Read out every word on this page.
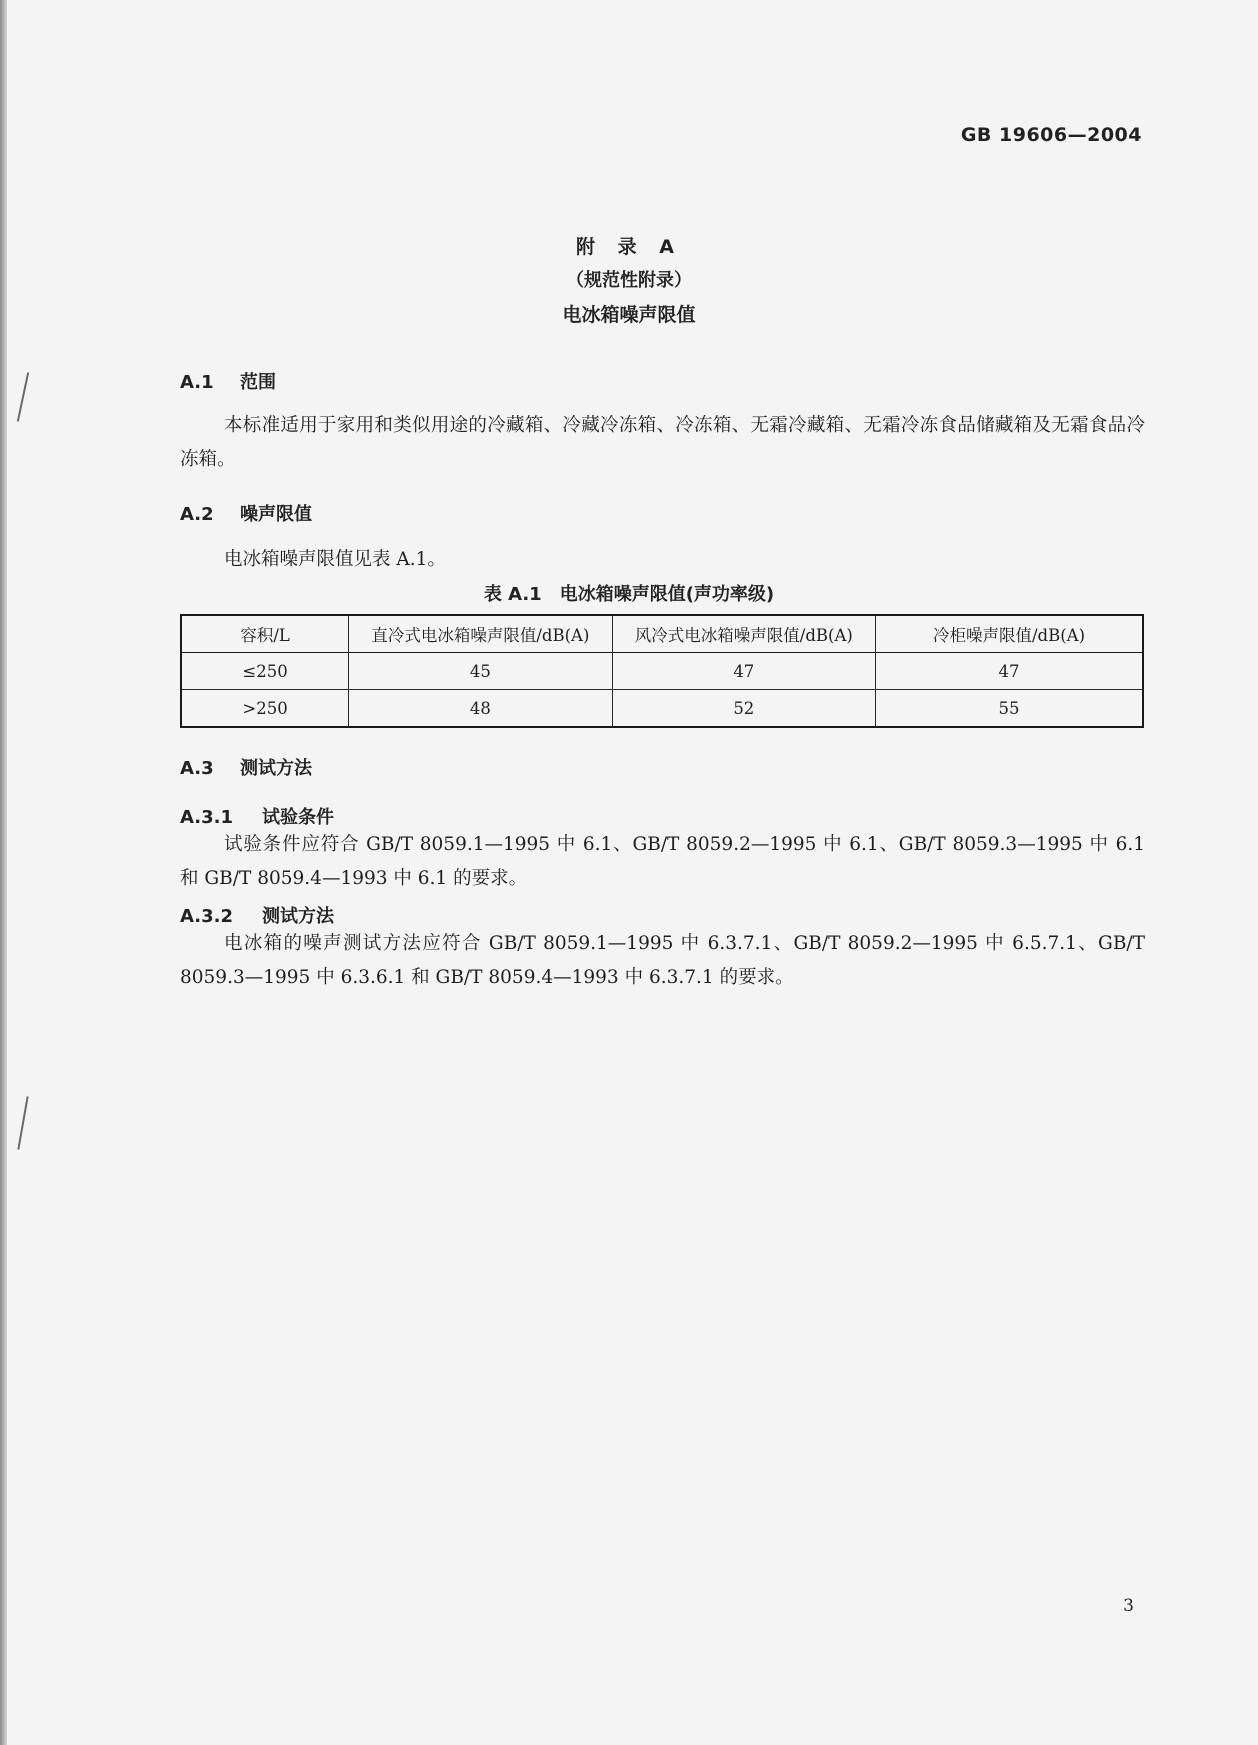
GB 19606—2004
附 录 A
（规范性附录）
电冰箱噪声限值
A.1 范围

本标准适用于家用和类似用途的冷藏箱、冷藏冷冻箱、冷冻箱、无霜冷藏箱、无霜冷冻食品储藏箱及无霜食品冷冻箱。

A.2 噪声限值

电冰箱噪声限值见表 A.1。

表 A.1　电冰箱噪声限值(声功率级)
容积/L	直冷式电冰箱噪声限值/dB(A)	风冷式电冰箱噪声限值/dB(A)	冷柜噪声限值/dB(A)
≤250	45	47	47
>250	48	52	55
A.3 测试方法
A.3.1 试验条件

试验条件应符合 GB/T 8059.1—1995 中 6.1、GB/T 8059.2—1995 中 6.1、GB/T 8059.3—1995 中 6.1 和 GB/T 8059.4—1993 中 6.1 的要求。

A.3.2 测试方法

电冰箱的噪声测试方法应符合 GB/T 8059.1—1995 中 6.3.7.1、GB/T 8059.2—1995 中 6.5.7.1、GB/T 8059.3—1995 中 6.3.6.1 和 GB/T 8059.4—1993 中 6.3.7.1 的要求。

3
